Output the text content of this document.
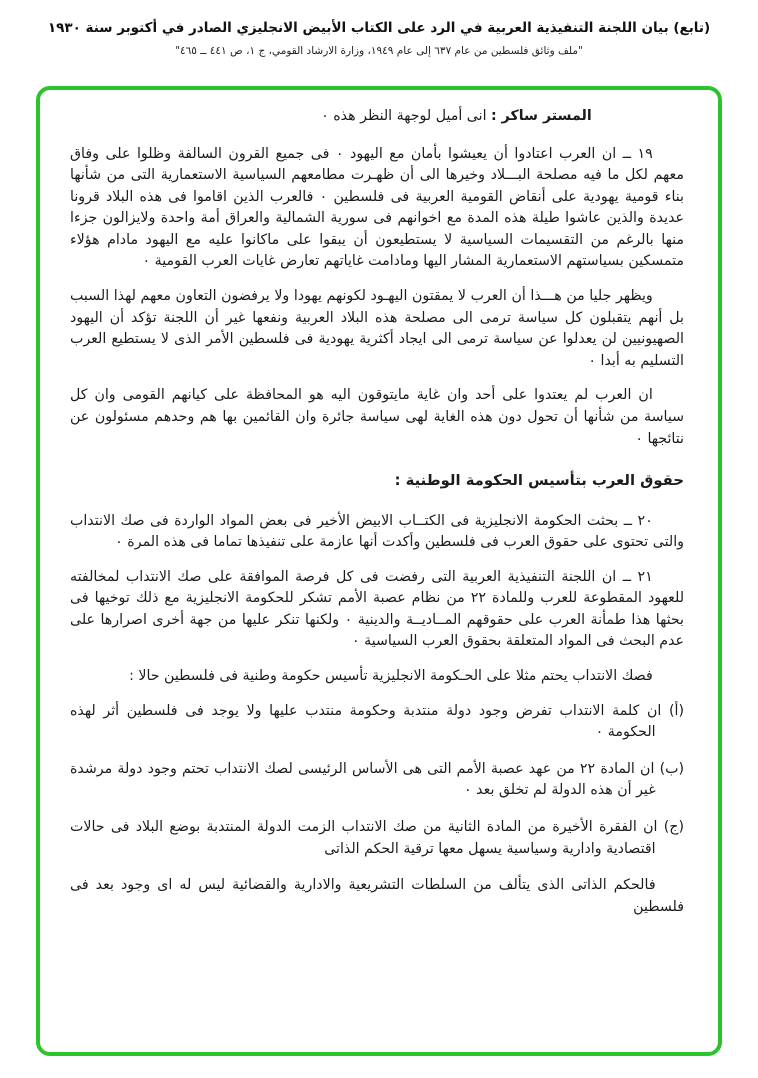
(تابع) بيان اللجنة التنفيذية العربية في الرد على الكتاب الأبيض الانجليزي الصادر في أكتوبر سنة ١٩٣٠
"ملف وثائق فلسطين من عام ٦٣٧ إلى عام ١٩٤٩، وزارة الارشاد القومي، ج ١، ص ٤٤١ ــ ٤٦٥"

المستر ساكر : انى أميل لوجهة النظر هذه ٠

١٩ ــ ان العرب اعتادوا أن يعيشوا بأمان مع اليهود ٠ فى جميع القرون السالفة وظلوا على وفاق معهم لكل ما فيه مصلحة البـــلاد وخيرها الى أن ظهـرت مطامعهم السياسية الاستعمارية التى من شأنها بناء قومية يهودية على أنقاض القومية العربية فى فلسطين ٠ فالعرب الذين اقاموا فى هذه البلاد قرونا عديدة والذين عاشوا طيلة هذه المدة مع اخوانهم فى سورية الشمالية والعراق أمة واحدة ولايزالون جزءا منها بالرغم من التقسيمات السياسية لا يستطيعون أن يبقوا على ماكانوا عليه مع اليهود مادام هؤلاء متمسكين بسياستهم الاستعمارية المشار اليها ومادامت غاياتهم تعارض غايات العرب القومية ٠

ويظهر جليا من هـــذا أن العرب لا يمقتون اليهـود لكونهم يهودا ولا يرفضون التعاون معهم لهذا السبب بل أنهم يتقبلون كل سياسة ترمى الى مصلحة هذه البلاد العربية ونفعها غير أن اللجنة تؤكد أن اليهود الصهيونيين لن يعدلوا عن سياسة ترمى الى ايجاد أكثرية يهودية فى فلسطين الأمر الذى لا يستطيع العرب التسليم به أبدا ٠

ان العرب لم يعتدوا على أحد وان غاية مايتوقون اليه هو المحافظة على كيانهم القومى وان كل سياسة من شأنها أن تحول دون هذه الغاية لهى سياسة جائرة وان القائمين بها هم وحدهم مسئولون عن نتائجها ٠

حقوق العرب بتأسيس الحكومة الوطنية :

٢٠ ــ بحثت الحكومة الانجليزية فى الكتــاب الابيض الأخير فى بعض المواد الواردة فى صك الانتداب والتى تحتوى على حقوق العرب فى فلسطين وأكدت أنها عازمة على تنفيذها تماما فى هذه المرة ٠

٢١ ــ ان اللجنة التنفيذية العربية التى رفضت فى كل فرصة الموافقة على صك الانتداب لمخالفته للعهود المقطوعة للعرب وللمادة ٢٢ من نظام عصبة الأمم تشكر للحكومة الانجليزية مع ذلك توخيها فى بحثها هذا طمأنة العرب على حقوقهم المــاديــة والدينية ٠ ولكنها تنكر عليها من جهة أخرى اصرارها على عدم البحث فى المواد المتعلقة بحقوق العرب السياسية ٠

فصك الانتداب يحتم مثلا على الحـكومة الانجليزية تأسيس حكومة وطنية فى فلسطين حالا :

(أ) ان كلمة الانتداب تفرض وجود دولة منتدبة وحكومة منتدب عليها ولا يوجد فى فلسطين أثر لهذه الحكومة ٠

(ب) ان المادة ٢٢ من عهد عصبة الأمم التى هى الأساس الرئيسى لصك الانتداب تحتم وجود دولة مرشدة غير أن هذه الدولة لم تخلق بعد ٠

(ج) ان الفقرة الأخيرة من المادة الثانية من صك الانتداب الزمت الدولة المنتدبة بوضع البلاد فى حالات اقتصادية وادارية وسياسية يسهل معها ترقية الحكم الذاتى

فالحكم الذاتى الذى يتألف من السلطات التشريعية والادارية والقضائية ليس له اى وجود بعد فى فلسطين
